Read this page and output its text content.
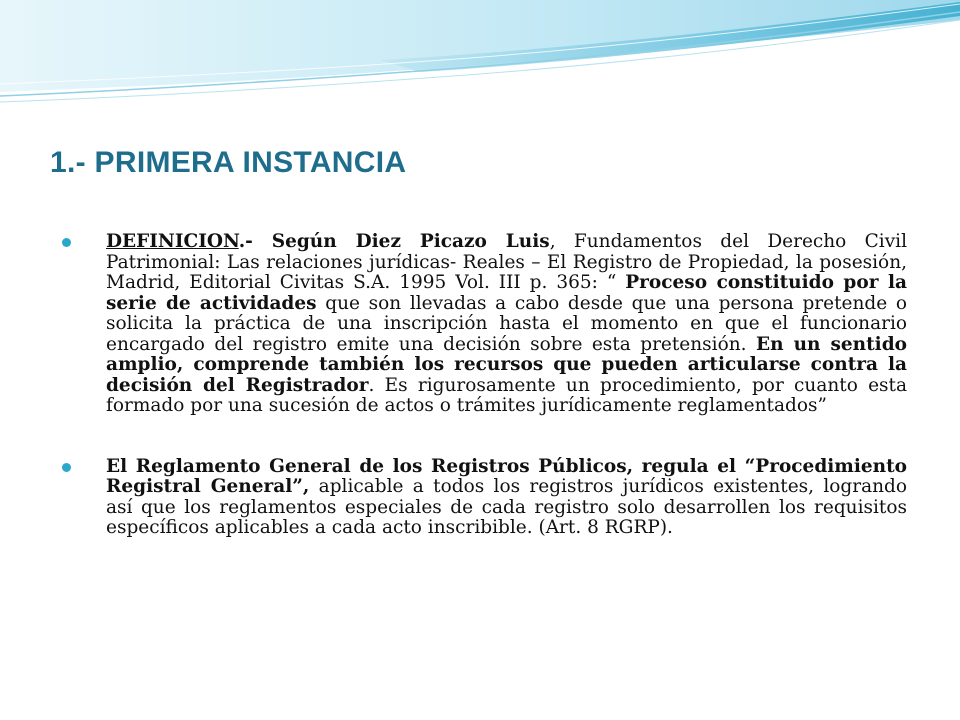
1.- PRIMERA INSTANCIA
DEFINICION.- Según Diez Picazo Luis, Fundamentos del Derecho Civil Patrimonial: Las relaciones jurídicas- Reales – El Registro de Propiedad, la posesión, Madrid, Editorial Civitas S.A. 1995 Vol. III p. 365: “ Proceso constituido por la serie de actividades que son llevadas a cabo desde que una persona pretende o solicita la práctica de una inscripción hasta el momento en que el funcionario encargado del registro emite una decisión sobre esta pretensión. En un sentido amplio, comprende también los recursos que pueden articularse contra la decisión del Registrador. Es rigurosamente un procedimiento, por cuanto esta formado por una sucesión de actos o trámites jurídicamente reglamentados”
El Reglamento General de los Registros Públicos, regula el “Procedimiento Registral General”, aplicable a todos los registros jurídicos existentes, logrando así que los reglamentos especiales de cada registro solo desarrollen los requisitos específicos aplicables a cada acto inscribible. (Art. 8 RGRP).
